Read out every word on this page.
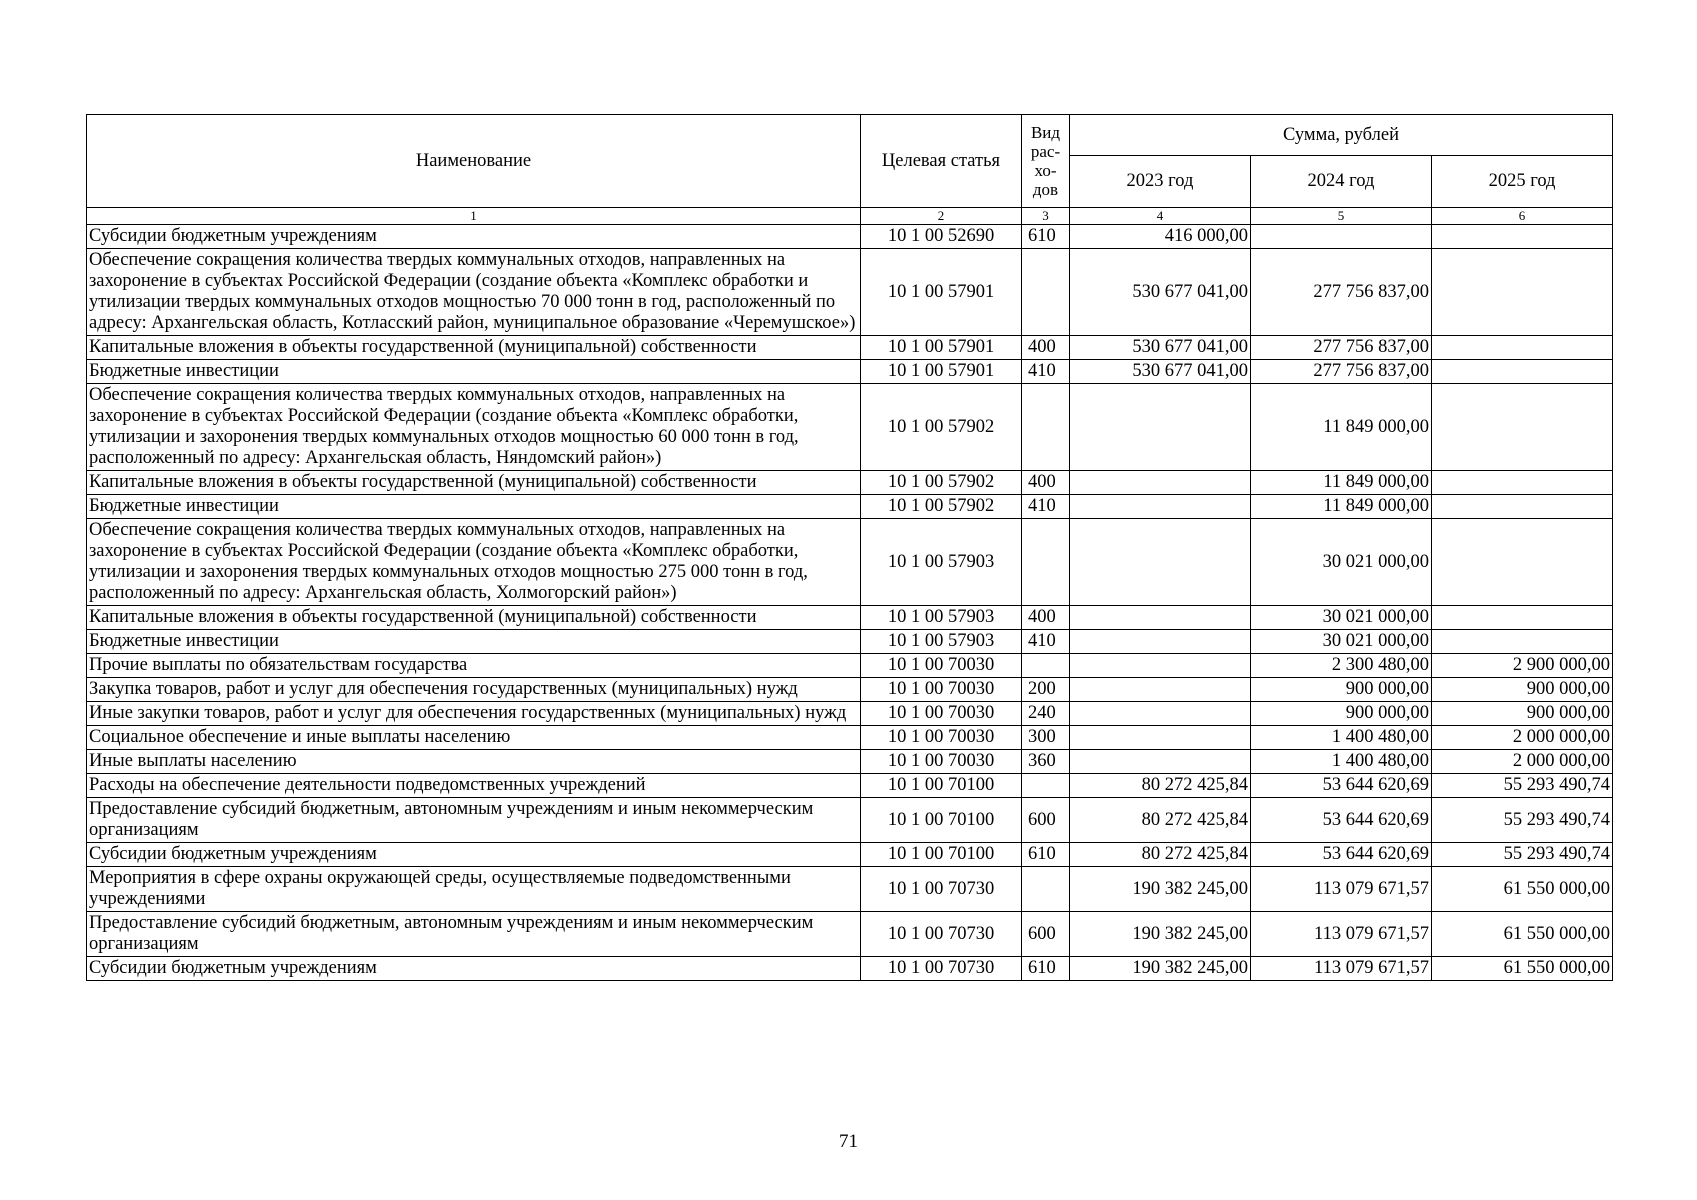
Наименование	Целевая статья	Вид рас-хо-дов	Сумма, рублей		
			2023 год	2024 год	2025 год
1	2	3	4	5	6
Субсидии бюджетным учреждениям	10 1 00 52690	610	416 000,00		
Обеспечение сокращения количества твердых коммунальных отходов, направленных на захоронение в субъектах Российской Федерации (создание объекта «Комплекс обработки и утилизации твердых коммунальных отходов мощностью 70 000 тонн в год, расположенный по адресу: Архангельская область, Котласский район, муниципальное образование «Черемушское»)	10 1 00 57901		530 677 041,00	277 756 837,00	
Капитальные вложения в объекты государственной (муниципальной) собственности	10 1 00 57901	400	530 677 041,00	277 756 837,00	
Бюджетные инвестиции	10 1 00 57901	410	530 677 041,00	277 756 837,00	
Обеспечение сокращения количества твердых коммунальных отходов, направленных на захоронение в субъектах Российской Федерации (создание объекта «Комплекс обработки, утилизации и захоронения твердых коммунальных отходов мощностью 60 000 тонн в год, расположенный по адресу: Архангельская область, Няндомский район»)	10 1 00 57902			11 849 000,00	
Капитальные вложения в объекты государственной (муниципальной) собственности	10 1 00 57902	400		11 849 000,00	
Бюджетные инвестиции	10 1 00 57902	410		11 849 000,00	
Обеспечение сокращения количества твердых коммунальных отходов, направленных на захоронение в субъектах Российской Федерации (создание объекта «Комплекс обработки, утилизации и захоронения твердых коммунальных отходов мощностью 275 000 тонн в год, расположенный по адресу: Архангельская область, Холмогорский район»)	10 1 00 57903			30 021 000,00	
Капитальные вложения в объекты государственной (муниципальной) собственности	10 1 00 57903	400		30 021 000,00	
Бюджетные инвестиции	10 1 00 57903	410		30 021 000,00	
Прочие выплаты по обязательствам государства	10 1 00 70030			2 300 480,00	2 900 000,00
Закупка товаров, работ и услуг для обеспечения государственных (муниципальных) нужд	10 1 00 70030	200		900 000,00	900 000,00
Иные закупки товаров, работ и услуг для обеспечения государственных (муниципальных) нужд	10 1 00 70030	240		900 000,00	900 000,00
Социальное обеспечение и иные выплаты населению	10 1 00 70030	300		1 400 480,00	2 000 000,00
Иные выплаты населению	10 1 00 70030	360		1 400 480,00	2 000 000,00
Расходы на обеспечение деятельности подведомственных учреждений	10 1 00 70100		80 272 425,84	53 644 620,69	55 293 490,74
Предоставление субсидий бюджетным, автономным учреждениям и иным некоммерческим организациям	10 1 00 70100	600	80 272 425,84	53 644 620,69	55 293 490,74
Субсидии бюджетным учреждениям	10 1 00 70100	610	80 272 425,84	53 644 620,69	55 293 490,74
Мероприятия в сфере охраны окружающей среды, осуществляемые подведомственными учреждениями	10 1 00 70730		190 382 245,00	113 079 671,57	61 550 000,00
Предоставление субсидий бюджетным, автономным учреждениям и иным некоммерческим организациям	10 1 00 70730	600	190 382 245,00	113 079 671,57	61 550 000,00
Субсидии бюджетным учреждениям	10 1 00 70730	610	190 382 245,00	113 079 671,57	61 550 000,00
71
